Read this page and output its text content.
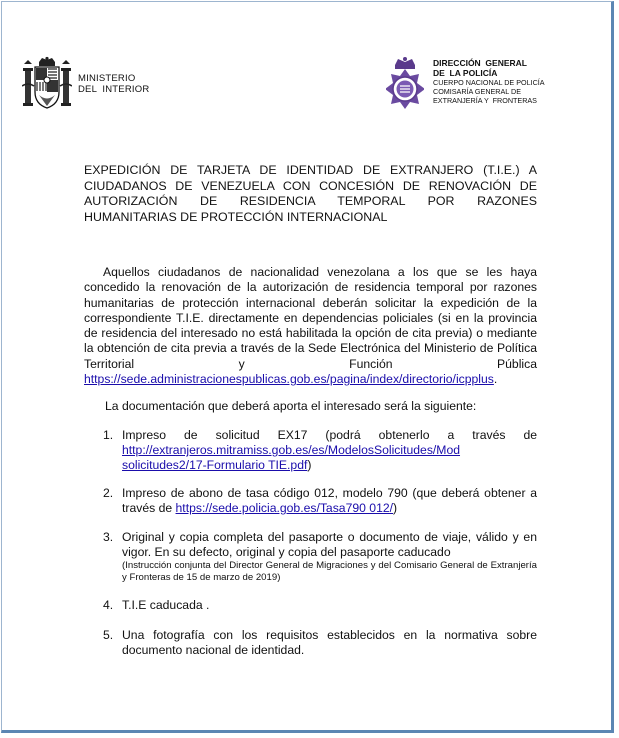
MINISTERIO
DEL  INTERIOR
DIRECCIÓN  GENERAL
DE  LA POLICÍA
CUERPO NACIONAL DE POLICÍA
COMISARÍA GENERAL DE
EXTRANJERÍA Y  FRONTERAS
EXPEDICIÓN DE TARJETA DE IDENTIDAD DE EXTRANJERO (T.I.E.) A CIUDADANOS DE VENEZUELA CON CONCESIÓN DE RENOVACIÓN DE AUTORIZACIÓN DE RESIDENCIA TEMPORAL POR RAZONES HUMANITARIAS DE PROTECCIÓN INTERNACIONAL
Aquellos ciudadanos de nacionalidad venezolana a los que se les haya concedido la renovación de la autorización de residencia temporal por razones humanitarias de protección internacional deberán solicitar la expedición de la correspondiente T.I.E. directamente en dependencias policiales (si en la provincia de residencia del interesado no está habilitada la opción de cita previa) o mediante la obtención de cita previa a través de la Sede Electrónica del Ministerio de Política Territorial y Función Pública https://sede.administracionespublicas.gob.es/pagina/index/directorio/icpplus.
La documentación que deberá aporta el interesado será la siguiente:
1. Impreso de solicitud EX17 (podrá obtenerlo a través de http://extranjeros.mitramiss.gob.es/es/ModelosSolicitudes/Mod solicitudes2/17-Formulario TIE.pdf)
2. Impreso de abono de tasa código 012, modelo 790 (que deberá obtener a través de https://sede.policia.gob.es/Tasa790 012/)
3. Original y copia completa del pasaporte o documento de viaje, válido y en vigor. En su defecto, original y copia del pasaporte caducado
(Instrucción conjunta del Director General de Migraciones y del Comisario General de Extranjería y Fronteras de 15 de marzo de 2019)
4. T.I.E caducada .
5. Una fotografía con los requisitos establecidos en la normativa sobre documento nacional de identidad.
